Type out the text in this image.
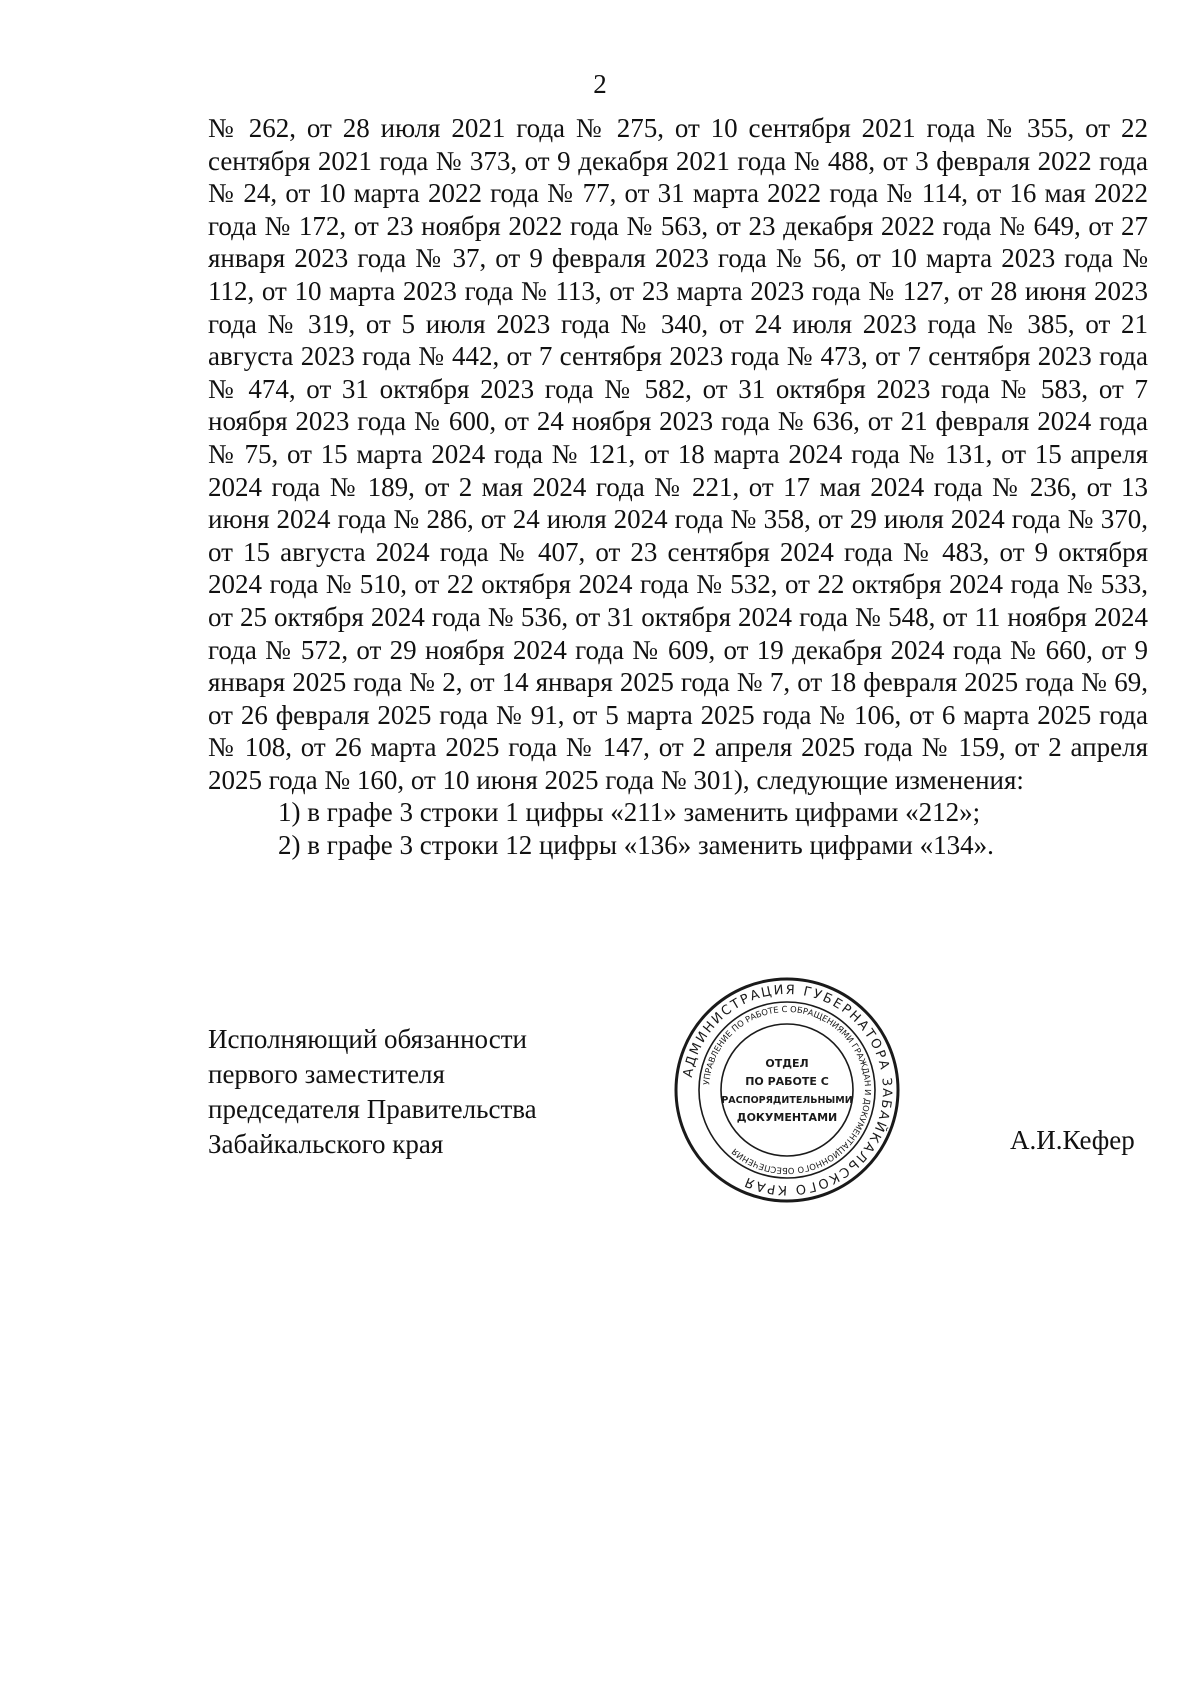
2

№ 262, от 28 июля 2021 года № 275, от 10 сентября 2021 года № 355, от 22 сентября 2021 года № 373, от 9 декабря 2021 года № 488, от 3 февраля 2022 года № 24, от 10 марта 2022 года № 77, от 31 марта 2022 года № 114, от 16 мая 2022 года № 172, от 23 ноября 2022 года № 563, от 23 декабря 2022 года № 649, от 27 января 2023 года № 37, от 9 февраля 2023 года № 56, от 10 марта 2023 года № 112, от 10 марта 2023 года № 113, от 23 марта 2023 года № 127, от 28 июня 2023 года № 319, от 5 июля 2023 года № 340, от 24 июля 2023 года № 385, от 21 августа 2023 года № 442, от 7 сентября 2023 года № 473, от 7 сентября 2023 года № 474, от 31 октября 2023 года № 582, от 31 октября 2023 года № 583, от 7 ноября 2023 года № 600, от 24 ноября 2023 года № 636, от 21 февраля 2024 года № 75, от 15 марта 2024 года № 121, от 18 марта 2024 года № 131, от 15 апреля 2024 года № 189, от 2 мая 2024 года № 221, от 17 мая 2024 года № 236, от 13 июня 2024 года № 286, от 24 июля 2024 года № 358, от 29 июля 2024 года № 370, от 15 августа 2024 года № 407, от 23 сентября 2024 года № 483, от 9 октября 2024 года № 510, от 22 октября 2024 года № 532, от 22 октября 2024 года № 533, от 25 октября 2024 года № 536, от 31 октября 2024 года № 548, от 11 ноября 2024 года № 572, от 29 ноября 2024 года № 609, от 19 декабря 2024 года № 660, от 9 января 2025 года № 2, от 14 января 2025 года № 7, от 18 февраля 2025 года № 69, от 26 февраля 2025 года № 91, от 5 марта 2025 года № 106, от 6 марта 2025 года № 108, от 26 марта 2025 года № 147, от 2 апреля 2025 года № 159, от 2 апреля 2025 года № 160, от 10 июня 2025 года № 301), следующие изменения:

1) в графе 3 строки 1 цифры «211» заменить цифрами «212»;

2) в графе 3 строки 12 цифры «136» заменить цифрами «134».

Исполняющий обязанности
первого заместителя
председателя Правительства
Забайкальского края	А.И.Кефер
АДМИНИСТРАЦИЯ ГУБЕРНАТОРА ЗАБАЙКАЛЬСКОГО КРАЯ
УПРАВЛЕНИЕ ПО РАБОТЕ С ОБРАЩЕНИЯМИ ГРАЖДАН И ДОКУМЕНТАЦИОННОГО ОБЕСПЕЧЕНИЯ
ОТДЕЛ
ПО РАБОТЕ С
РАСПОРЯДИТЕЛЬНЫМИ
ДОКУМЕНТАМИ
